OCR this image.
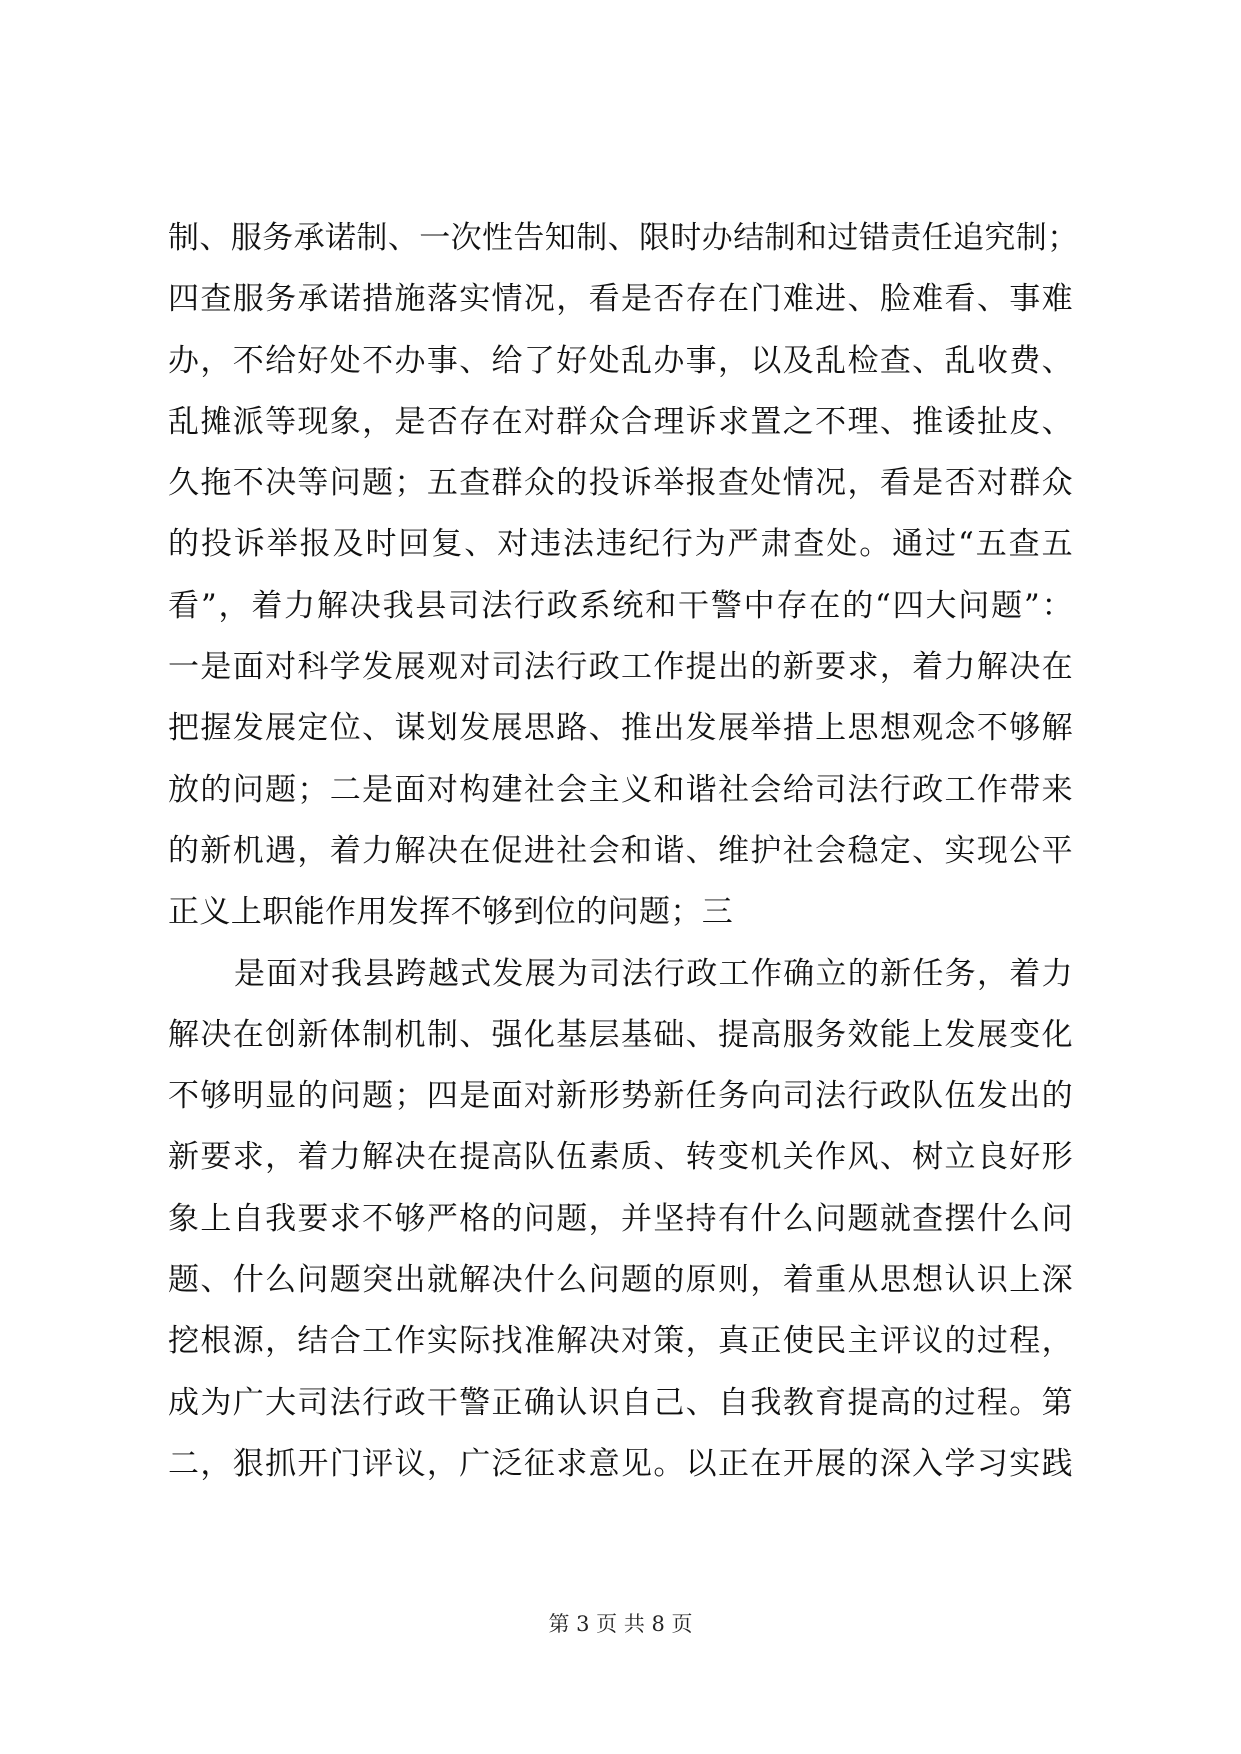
制、服务承诺制、一次性告知制、限时办结制和过错责任追究制；
四查服务承诺措施落实情况，看是否存在门难进、脸难看、事难
办，不给好处不办事、给了好处乱办事，以及乱检查、乱收费、
乱摊派等现象，是否存在对群众合理诉求置之不理、推诿扯皮、
久拖不决等问题；五查群众的投诉举报查处情况，看是否对群众
的投诉举报及时回复、对违法违纪行为严肃查处。通过“五查五
看”，着力解决我县司法行政系统和干警中存在的“四大问题”：
一是面对科学发展观对司法行政工作提出的新要求，着力解决在
把握发展定位、谋划发展思路、推出发展举措上思想观念不够解
放的问题；二是面对构建社会主义和谐社会给司法行政工作带来
的新机遇，着力解决在促进社会和谐、维护社会稳定、实现公平
正义上职能作用发挥不够到位的问题；三
是面对我县跨越式发展为司法行政工作确立的新任务，着力
解决在创新体制机制、强化基层基础、提高服务效能上发展变化
不够明显的问题；四是面对新形势新任务向司法行政队伍发出的
新要求，着力解决在提高队伍素质、转变机关作风、树立良好形
象上自我要求不够严格的问题，并坚持有什么问题就查摆什么问
题、什么问题突出就解决什么问题的原则，着重从思想认识上深
挖根源，结合工作实际找准解决对策，真正使民主评议的过程，
成为广大司法行政干警正确认识自己、自我教育提高的过程。第
二，狠抓开门评议，广泛征求意见。以正在开展的深入学习实践
第 3 页 共 8 页
